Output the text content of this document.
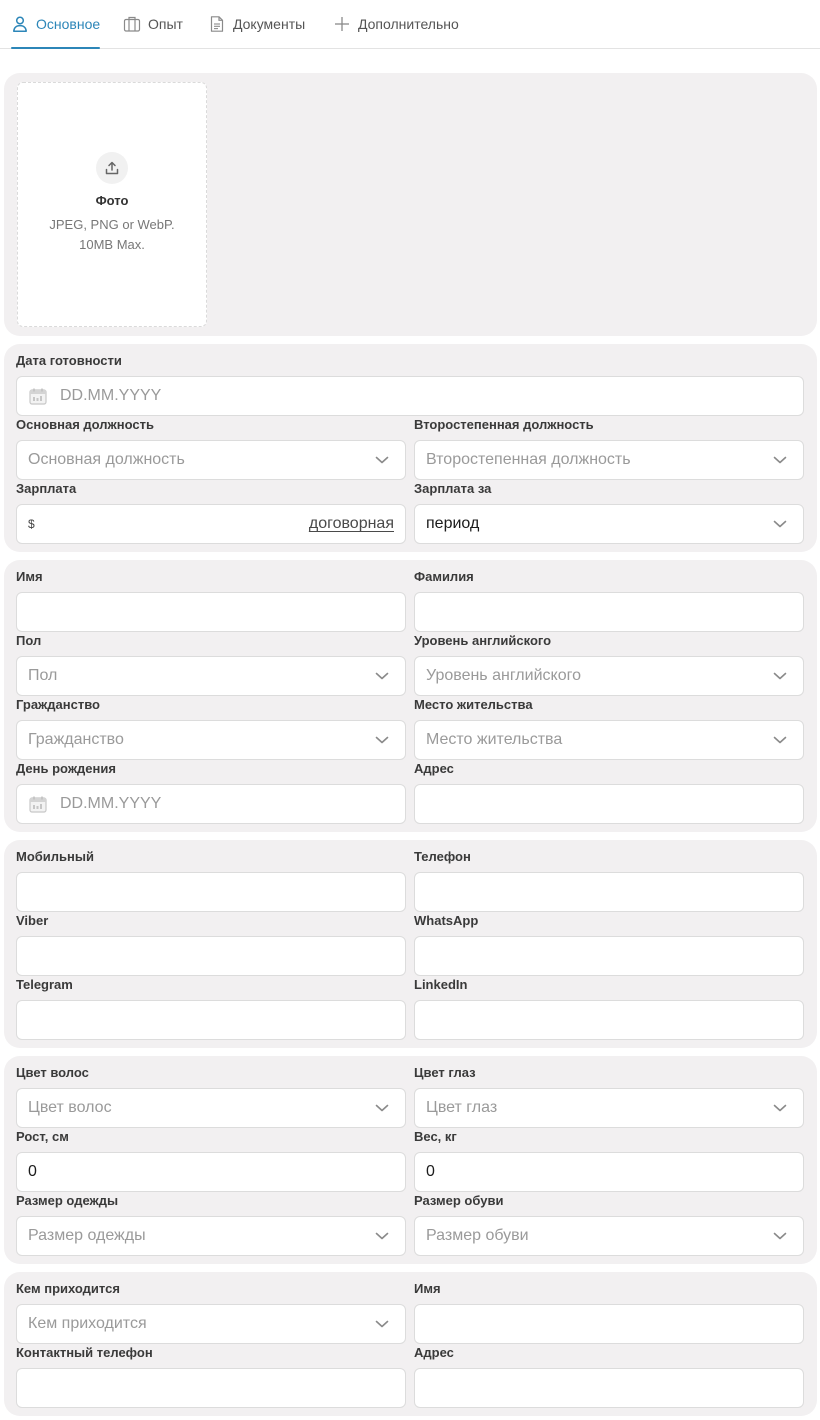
Основное	Опыт	Документы	Дополнительно
Фото
JPEG, PNG or WebP. 10MB Max.
Дата готовности
DD.MM.YYYY
Основная должность	Второстепенная должность
Основная должность	Второстепенная должность
Зарплата	Зарплата за
$	договорная период
Имя	Фамилия
Пол	Уровень английского
Пол	Уровень английского
Гражданство	Место жительства
Гражданство	Место жительства
День рождения	Адрес
DD.MM.YYYY
Мобильный	Телефон
Viber	WhatsApp
Telegram	LinkedIn
Цвет волос	Цвет глаз
Цвет волос	Цвет глаз
Рост, см	Вес, кг
0	0
Размер одежды	Размер обуви
Размер одежды	Размер обуви
Кем приходится	Имя
Кем приходится
Контактный телефон	Адрес
